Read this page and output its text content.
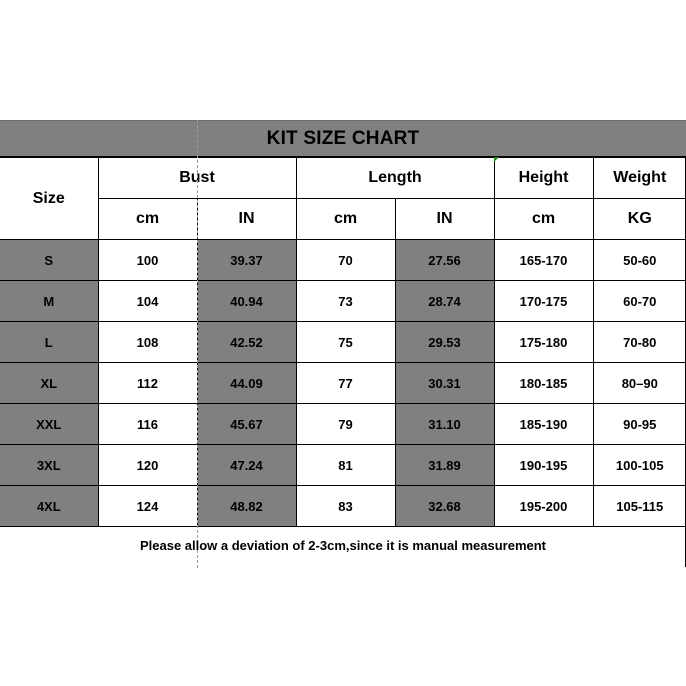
KIT SIZE CHART
Size	Bust		Length		Height	Weight
	cm	IN	cm	IN	cm	KG
S	100	39.37	70	27.56	165-170	50-60
M	104	40.94	73	28.74	170-175	60-70
L	108	42.52	75	29.53	175-180	70-80
XL	112	44.09	77	30.31	180-185	80–90
XXL	116	45.67	79	31.10	185-190	90-95
3XL	120	47.24	81	31.89	190-195	100-105
4XL	124	48.82	83	32.68	195-200	105-115
Please allow a deviation of 2-3cm,since it is manual measurement
